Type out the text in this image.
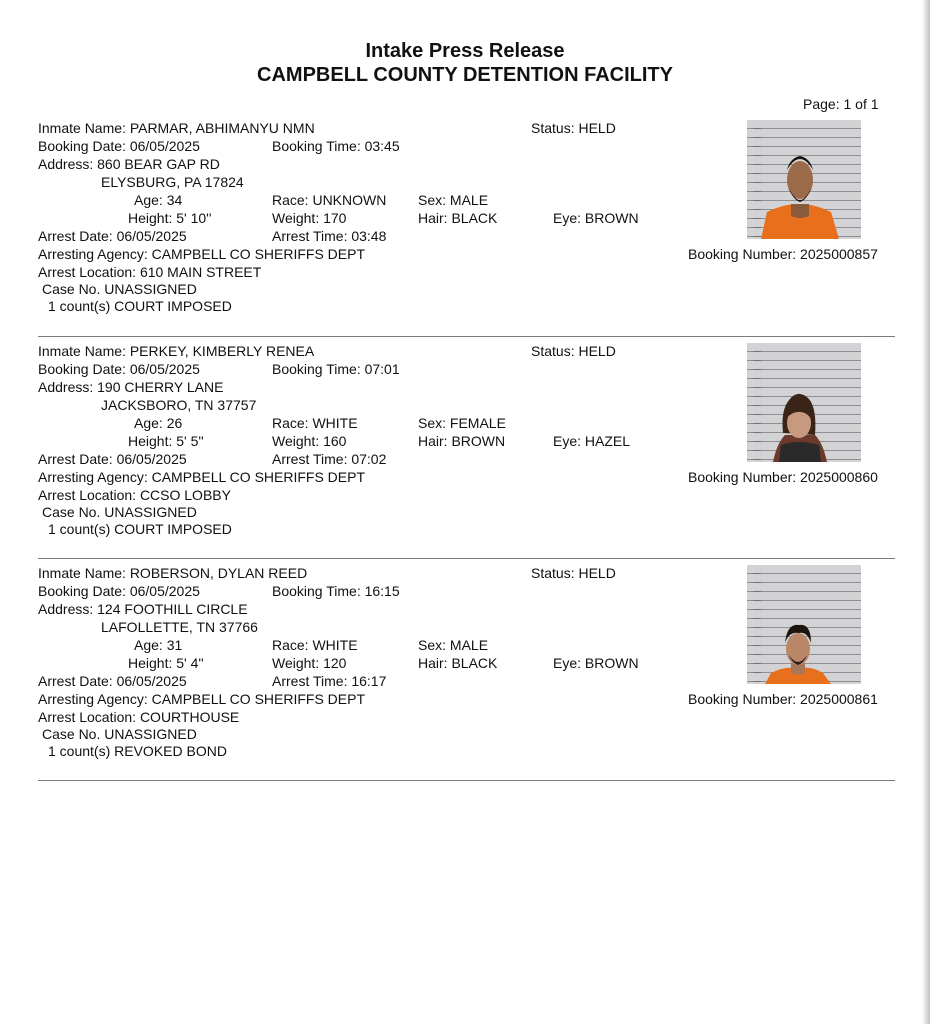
Intake Press Release
CAMPBELL COUNTY DETENTION FACILITY
Page: 1 of 1
Inmate Name: PARMAR, ABHIMANYU NMN	Status: HELD
Booking Date: 06/05/2025	Booking Time: 03:45
Address: 860 BEAR GAP RD
ELYSBURG, PA 17824
Age: 34	Race: UNKNOWN Sex: MALE
Height: 5' 10''	Weight: 170	Hair: BLACK	Eye: BROWN
Arrest Date: 06/05/2025	Arrest Time: 03:48
Arresting Agency: CAMPBELL CO SHERIFFS DEPT	Booking Number: 2025000857
Arrest Location: 610 MAIN STREET
Case No. UNASSIGNED
1 count(s) COURT IMPOSED
Inmate Name: PERKEY, KIMBERLY RENEA	Status: HELD
Booking Date: 06/05/2025	Booking Time: 07:01
Address: 190 CHERRY LANE
JACKSBORO, TN 37757
Age: 26	Race: WHITE	Sex: FEMALE
Height: 5' 5''	Weight: 160	Hair: BROWN	Eye: HAZEL
Arrest Date: 06/05/2025	Arrest Time: 07:02
Arresting Agency: CAMPBELL CO SHERIFFS DEPT	Booking Number: 2025000860
Arrest Location: CCSO LOBBY
Case No. UNASSIGNED
1 count(s) COURT IMPOSED
Inmate Name: ROBERSON, DYLAN REED	Status: HELD
Booking Date: 06/05/2025	Booking Time: 16:15
Address: 124 FOOTHILL CIRCLE
LAFOLLETTE, TN 37766
Age: 31	Race: WHITE	Sex: MALE
Height: 5' 4''	Weight: 120	Hair: BLACK	Eye: BROWN
Arrest Date: 06/05/2025	Arrest Time: 16:17
Arresting Agency: CAMPBELL CO SHERIFFS DEPT	Booking Number: 2025000861
Arrest Location: COURTHOUSE
Case No. UNASSIGNED
1 count(s) REVOKED BOND
